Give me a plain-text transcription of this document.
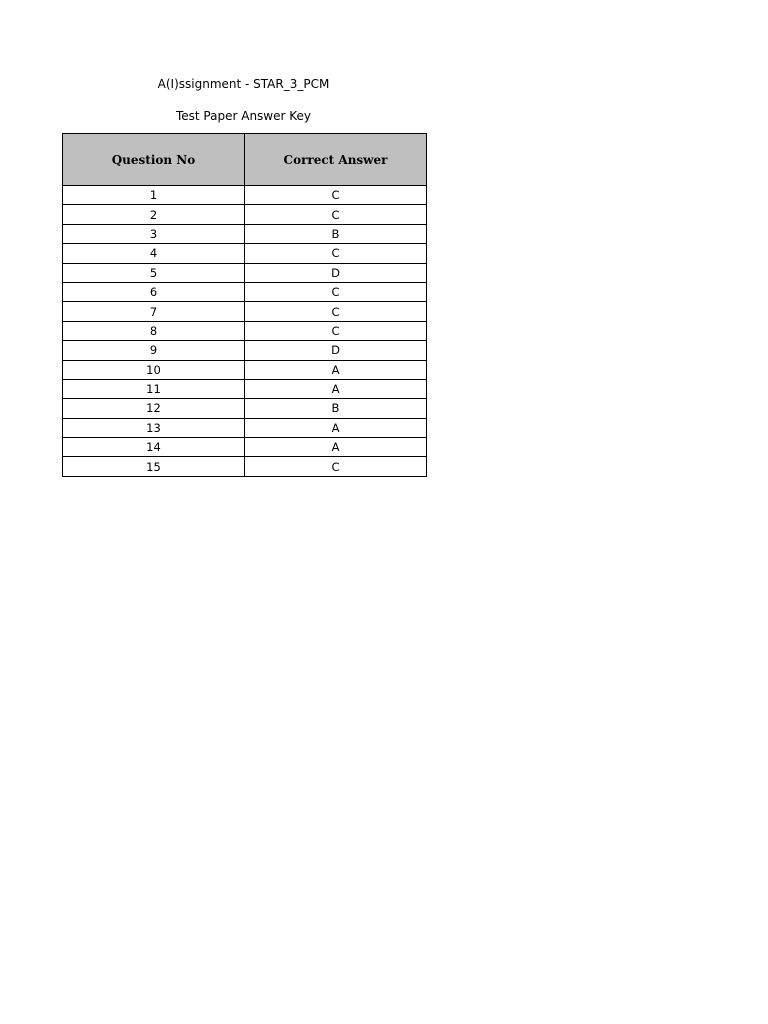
A(I)ssignment - STAR_3_PCM
Test Paper Answer Key
Question No	Correct Answer
1	C
2	C
3	B
4	C
5	D
6	C
7	C
8	C
9	D
10	A
11	A
12	B
13	A
14	A
15	C
